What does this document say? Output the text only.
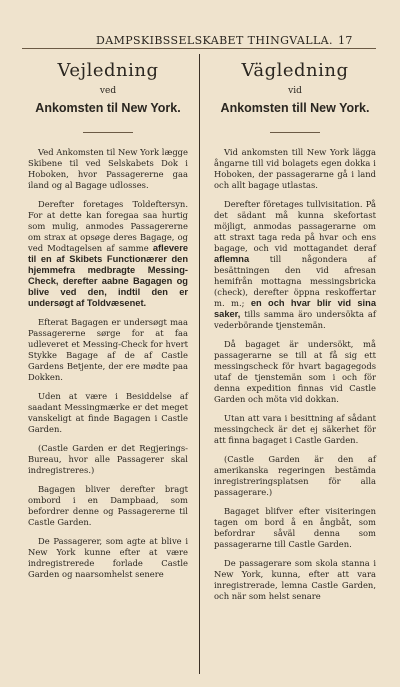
DAMPSKIBSSELSKABET THINGVALLA. 17

Vejledning

ved

Ankomsten til New York.

Ved Ankomsten til New York lægge Skibene til ved Selskabets Dok i Hoboken, hvor Passagererne gaa iland og al Bagage udlosses.

Derefter foretages Toldeftersyn. For at dette kan foregaa saa hurtig som mulig, anmodes Passagererne om strax at opsøge deres Bagage, og ved Modtagelsen af samme aflevere til en af Skibets Functionærer den hjemmefra medbragte Messing-Check, derefter aabne Bagagen og blive ved den, indtil den er undersøgt af Toldvæsenet.

Efterat Bagagen er undersøgt maa Passagererne sørge for at faa udleveret et Messing-Check for hvert Stykke Bagage af de af Castle Gardens Betjente, der ere mødte paa Dokken.

Uden at være i Besiddelse af saadant Messingmærke er det meget vanskeligt at finde Bagagen i Castle Garden.

(Castle Garden er det Regjerings-Bureau, hvor alle Passagerer skal indregistreres.)

Bagagen bliver derefter bragt ombord i en Dampbaad, som befordrer denne og Passagererne til Castle Garden.

De Passagerer, som agte at blive i New York kunne efter at være indregistrerede forlade Castle Garden og naarsomhelst senere

Vägledning

vid

Ankomsten till New York.

Vid ankomsten till New York lägga ångarne till vid bolagets egen dokka i Hoboken, der passagerarne gå i land och allt bagage utlastas.

Derefter företages tullvisitation. På det sädant må kunna skefortast möjligt, anmodas passagerarne om att straxt taga reda på hvar och ens bagage, och vid mottagandet deraf aflemna till någondera af besättningen den vid afresan hemifrån mottagna messingsbricka (check), derefter öppna reskoffertar m. m.; en och hvar blir vid sina saker, tills samma äro undersökta af vederbörande tjenstemän.

Då bagaget är undersökt, må passagerarne se till at få sig ett messingscheck för hvart bagagegods utaf de tjenstemän som i och för denna expedition finnas vid Castle Garden och möta vid dokkan.

Utan att vara i besittning af sådant messingcheck är det ej säkerhet för att finna bagaget i Castle Garden.

(Castle Garden är den af amerikanska regeringen bestämda inregistreringsplatsen för alla passagerare.)

Bagaget blifver efter visiteringen tagen om bord å en ångbåt, som befordrar såväl denna som passagerarne till Castle Garden.

De passagerare som skola stanna i New York, kunna, efter att vara inregistrerade, lemna Castle Garden, och när som helst senare
